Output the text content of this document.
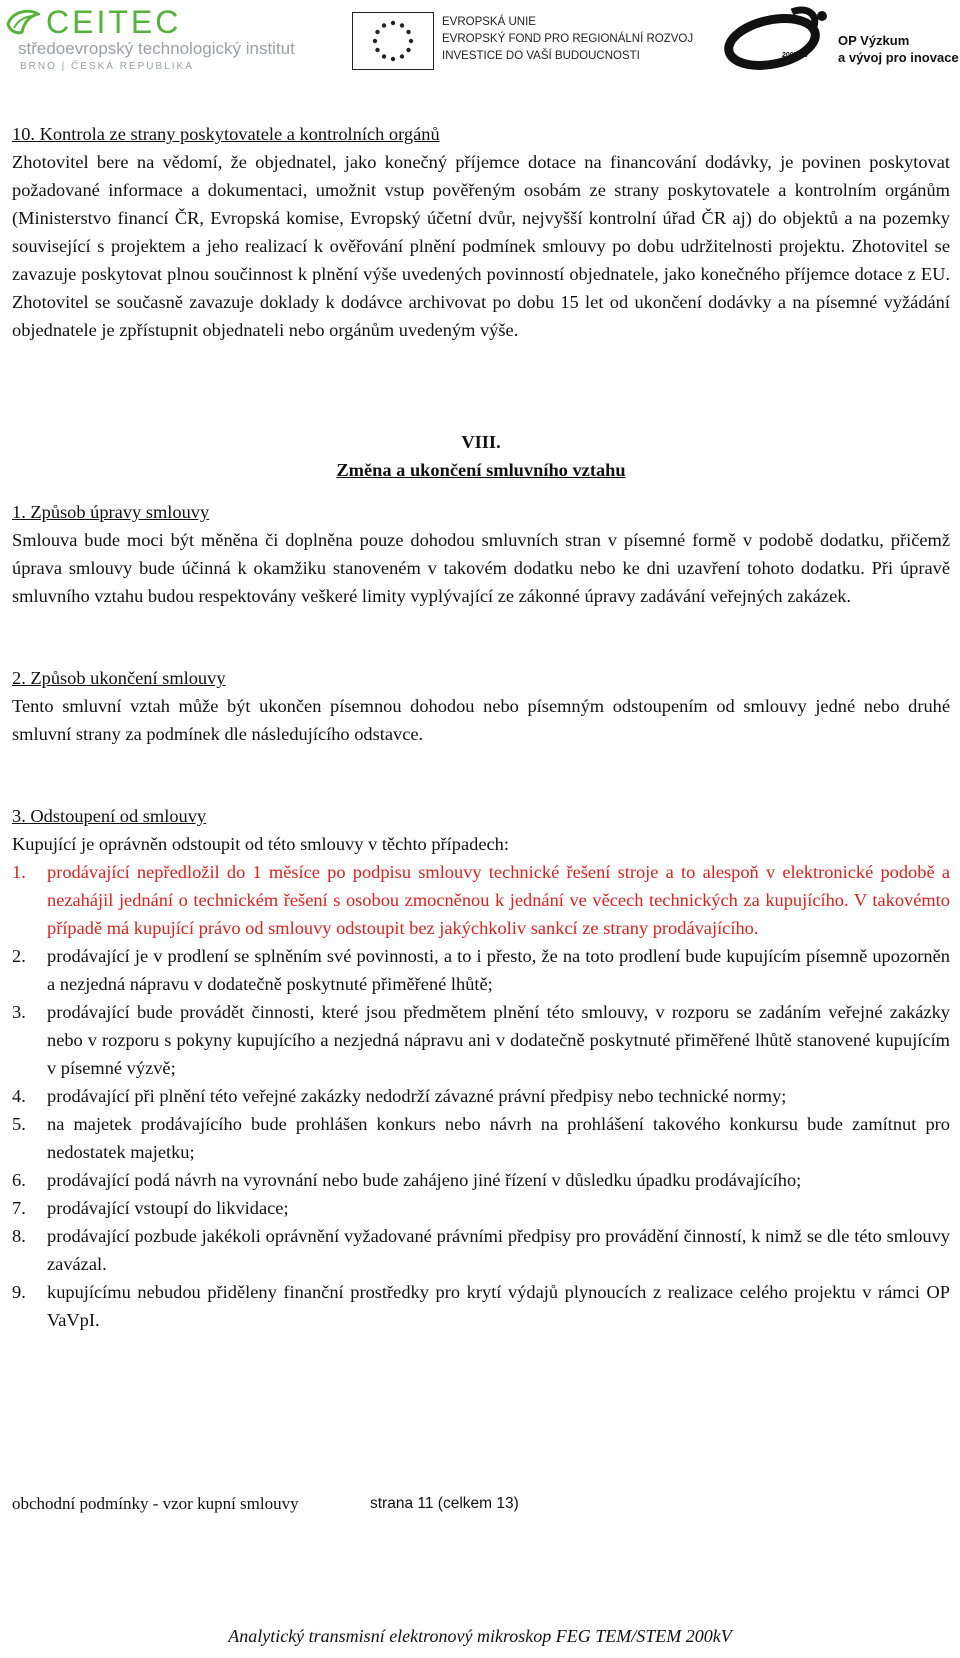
CEITEC
středoevropský technologický institut
BRNO | ČESKÁ REPUBLIKA
EVROPSKÁ UNIE
EVROPSKÝ FOND PRO REGIONÁLNÍ ROZVOJ
INVESTICE DO VAŠÍ BUDOUCNOSTI	2007-13
OP Výzkum
a vývoj pro inovace

10. Kontrola ze strany poskytovatele a kontrolních orgánů

Zhotovitel bere na vědomí, že objednatel, jako konečný příjemce dotace na financování dodávky, je povinen poskytovat požadované informace a dokumentaci, umožnit vstup pověřeným osobám ze strany poskytovatele a kontrolním orgánům (Ministerstvo financí ČR, Evropská komise, Evropský účetní dvůr, nejvyšší kontrolní úřad ČR aj) do objektů a na pozemky související s projektem a jeho realizací k ověřování plnění podmínek smlouvy po dobu udržitelnosti projektu. Zhotovitel se zavazuje poskytovat plnou součinnost k plnění výše uvedených povinností objednatele, jako konečného příjemce dotace z EU. Zhotovitel se současně zavazuje doklady k dodávce archivovat po dobu 15 let od ukončení dodávky a na písemné vyžádání objednatele je zpřístupnit objednateli nebo orgánům uvedeným výše.

VIII.

Změna a ukončení smluvního vztahu

1. Způsob úpravy smlouvy

Smlouva bude moci být měněna či doplněna pouze dohodou smluvních stran v písemné formě v podobě dodatku, přičemž úprava smlouvy bude účinná k okamžiku stanoveném v takovém dodatku nebo ke dni uzavření tohoto dodatku. Při úpravě smluvního vztahu budou respektovány veškeré limity vyplývající ze zákonné úpravy zadávání veřejných zakázek.

2. Způsob ukončení smlouvy

Tento smluvní vztah může být ukončen písemnou dohodou nebo písemným odstoupením od smlouvy jedné nebo druhé smluvní strany za podmínek dle následujícího odstavce.

3. Odstoupení od smlouvy

Kupující je oprávněn odstoupit od této smlouvy v těchto případech:

1. prodávající nepředložil do 1 měsíce po podpisu smlouvy technické řešení stroje a to alespoň v elektronické podobě a nezahájil jednání o technickém řešení s osobou zmocněnou k jednání ve věcech technických za kupujícího. V takovémto případě má kupující právo od smlouvy odstoupit bez jakýchkoliv sankcí ze strany prodávajícího.
2. prodávající je v prodlení se splněním své povinnosti, a to i přesto, že na toto prodlení bude kupujícím písemně upozorněn a nezjedná nápravu v dodatečně poskytnuté přiměřené lhůtě;
3. prodávající bude provádět činnosti, které jsou předmětem plnění této smlouvy, v rozporu se zadáním veřejné zakázky nebo v rozporu s pokyny kupujícího a nezjedná nápravu ani v dodatečně poskytnuté přiměřené lhůtě stanovené kupujícím v písemné výzvě;
4. prodávající při plnění této veřejné zakázky nedodrží závazné právní předpisy nebo technické normy;
5. na majetek prodávajícího bude prohlášen konkurs nebo návrh na prohlášení takového konkursu bude zamítnut pro nedostatek majetku;
6. prodávající podá návrh na vyrovnání nebo bude zahájeno jiné řízení v důsledku úpadku prodávajícího;
7. prodávající vstoupí do likvidace;
8. prodávající pozbude jakékoli oprávnění vyžadované právními předpisy pro provádění činností, k nimž se dle této smlouvy zavázal.
9. kupujícímu nebudou přiděleny finanční prostředky pro krytí výdajů plynoucích z realizace celého projektu v rámci OP VaVpI.
obchodní podmínky - vzor kupní smlouvy	strana 11 (celkem 13)
Analytický transmisní elektronový mikroskop FEG TEM/STEM 200kV
